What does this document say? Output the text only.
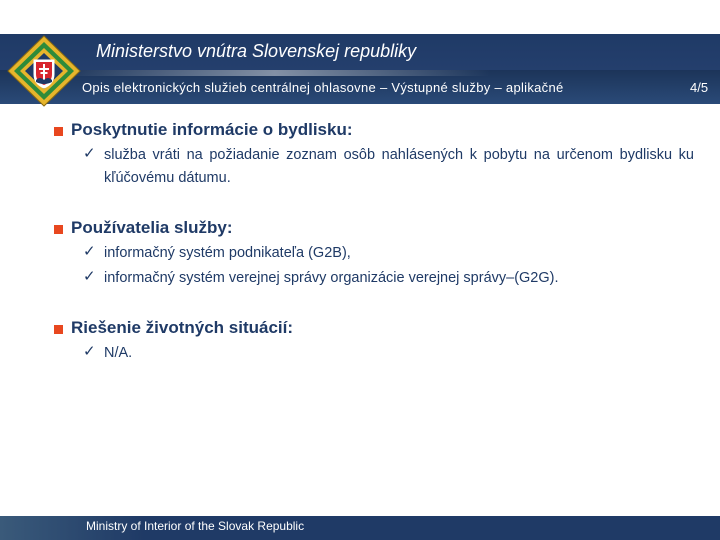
Ministerstvo vnútra Slovenskej republiky
Opis elektronických služieb centrálnej ohlasovne – Výstupné služby – aplikačné	4/5
Poskytnutie informácie o bydlisku:
✓ služba vráti na požiadanie zoznam osôb nahlásených k pobytu na určenom bydlisku ku kľúčovému dátumu.
Používatelia služby:
✓ informačný systém podnikateľa (G2B),
✓ informačný systém verejnej správy organizácie verejnej správy–(G2G).
Riešenie životných situácií:
✓ N/A.
Ministry of Interior of the Slovak Republic
